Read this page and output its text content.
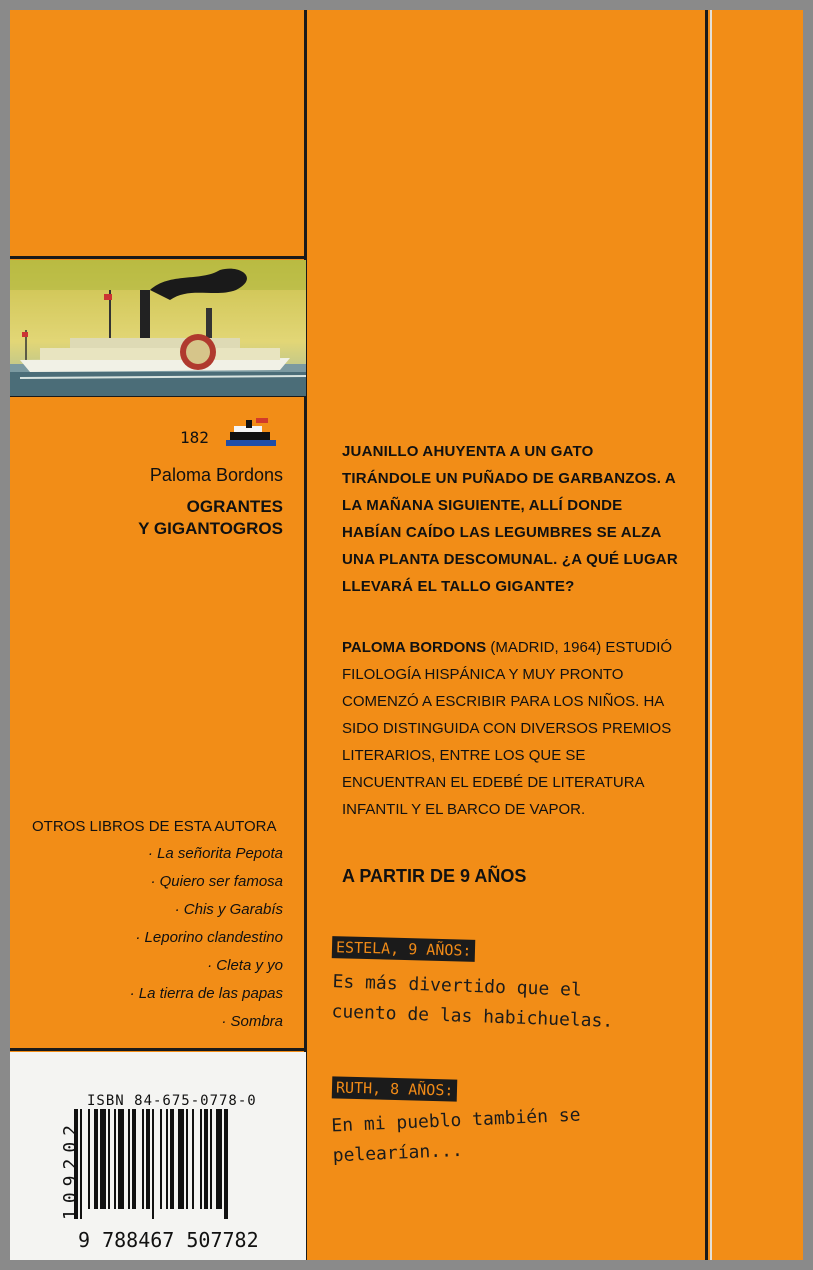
182
Paloma Bordons
OGRANTES
Y GIGANTOGROS
OTROS LIBROS DE ESTA AUTORA
· La señorita Pepota
· Quiero ser famosa
· Chis y Garabís
· Leporino clandestino
· Cleta y yo
· La tierra de las papas
· Sombra
ISBN 84-675-0778-0
109202
9 788467 507782
JUANILLO AHUYENTA A UN GATO TIRÁNDOLE UN PUÑADO DE GARBANZOS. A LA MAÑANA SIGUIENTE, ALLÍ DONDE HABÍAN CAÍDO LAS LEGUMBRES SE ALZA UNA PLANTA DESCOMUNAL. ¿A QUÉ LUGAR LLEVARÁ EL TALLO GIGANTE?
PALOMA BORDONS (MADRID, 1964) ESTUDIÓ FILOLOGÍA HISPÁNICA Y MUY PRONTO COMENZÓ A ESCRIBIR PARA LOS NIÑOS. HA SIDO DISTINGUIDA CON DIVERSOS PREMIOS LITERARIOS, ENTRE LOS QUE SE ENCUENTRAN EL EDEBÉ DE LITERATURA INFANTIL Y EL BARCO DE VAPOR.
A PARTIR DE 9 AÑOS
ESTELA, 9 AÑOS:
Es más divertido que el
cuento de las habichuelas.
RUTH, 8 AÑOS:
En mi pueblo también se
pelearían...
